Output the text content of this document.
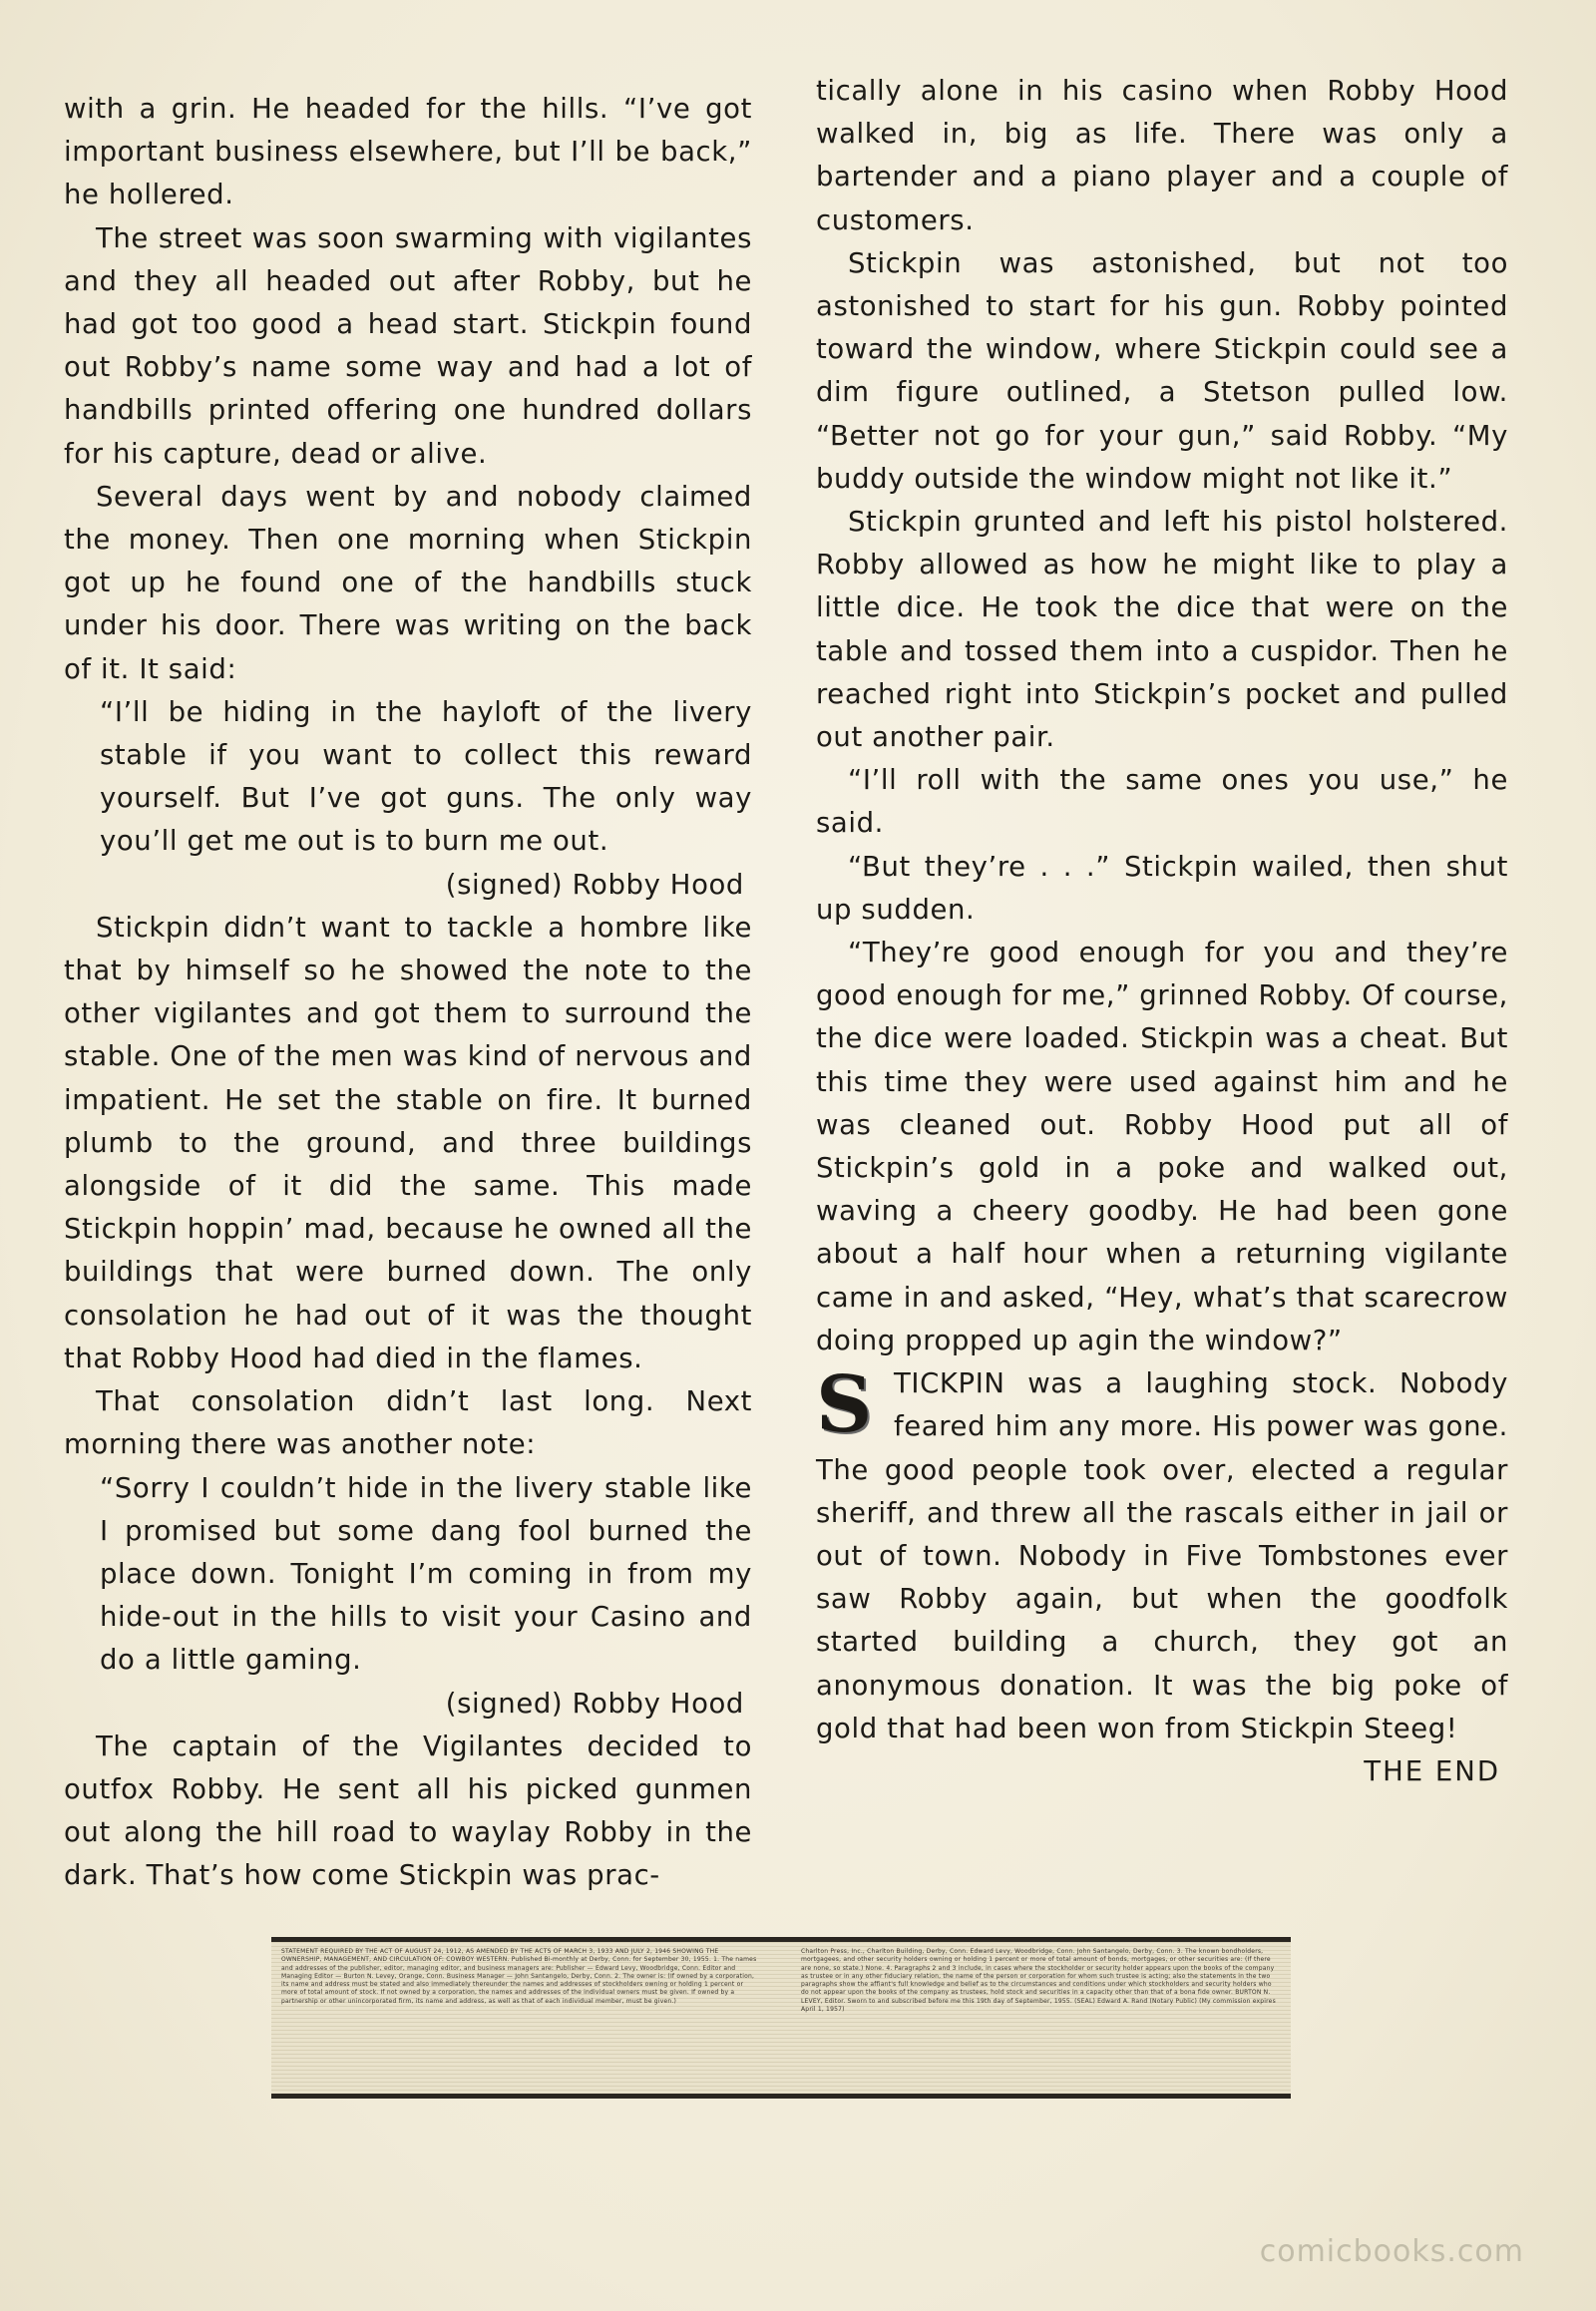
with a grin. He headed for the hills. “I’ve got important business elsewhere, but I’ll be back,” he hollered.

The street was soon swarming with vigilantes and they all headed out after Robby, but he had got too good a head start. Stickpin found out Robby’s name some way and had a lot of handbills printed offering one hundred dollars for his capture, dead or alive.

Several days went by and nobody claimed the money. Then one morning when Stickpin got up he found one of the handbills stuck under his door. There was writing on the back of it. It said:

“I’ll be hiding in the hayloft of the livery stable if you want to collect this reward yourself. But I’ve got guns. The only way you’ll get me out is to burn me out.

(signed) Robby Hood

Stickpin didn’t want to tackle a hombre like that by himself so he showed the note to the other vigilantes and got them to surround the stable. One of the men was kind of nervous and impatient. He set the stable on fire. It burned plumb to the ground, and three buildings alongside of it did the same. This made Stickpin hoppin’ mad, because he owned all the buildings that were burned down. The only consolation he had out of it was the thought that Robby Hood had died in the flames.

That consolation didn’t last long. Next morning there was another note:

“Sorry I couldn’t hide in the livery stable like I promised but some dang fool burned the place down. Tonight I’m coming in from my hide-out in the hills to visit your Casino and do a little gaming.

(signed) Robby Hood

The captain of the Vigilantes decided to outfox Robby. He sent all his picked gunmen out along the hill road to waylay Robby in the dark. That’s how come Stickpin was prac-

tically alone in his casino when Robby Hood walked in, big as life. There was only a bartender and a piano player and a couple of customers.

Stickpin was astonished, but not too astonished to start for his gun. Robby pointed toward the window, where Stickpin could see a dim figure outlined, a Stetson pulled low. “Better not go for your gun,” said Robby. “My buddy outside the window might not like it.”

Stickpin grunted and left his pistol holstered. Robby allowed as how he might like to play a little dice. He took the dice that were on the table and tossed them into a cuspidor. Then he reached right into Stickpin’s pocket and pulled out another pair.

“I’ll roll with the same ones you use,” he said.

“But they’re . . .” Stickpin wailed, then shut up sudden.

“They’re good enough for you and they’re good enough for me,” grinned Robby. Of course, the dice were loaded. Stickpin was a cheat. But this time they were used against him and he was cleaned out. Robby Hood put all of Stickpin’s gold in a poke and walked out, waving a cheery goodby. He had been gone about a half hour when a returning vigilante came in and asked, “Hey, what’s that scarecrow doing propped up agin the window?”

S TICKPIN was a laughing stock. Nobody feared him any more. His power was gone. The good people took over, elected a regular sheriff, and threw all the rascals either in jail or out of town. Nobody in Five Tombstones ever saw Robby again, but when the goodfolk started building a church, they got an anonymous donation. It was the big poke of gold that had been won from Stickpin Steeg!

THE END

STATEMENT REQUIRED BY THE ACT OF AUGUST 24, 1912, AS AMENDED BY THE ACTS OF MARCH 3, 1933 AND JULY 2, 1946 SHOWING THE OWNERSHIP, MANAGEMENT, AND CIRCULATION OF: COWBOY WESTERN. Published Bi-monthly at Derby, Conn. for September 30, 1955. 1. The names and addresses of the publisher, editor, managing editor, and business managers are: Publisher — Edward Levy, Woodbridge, Conn. Editor and Managing Editor — Burton N. Levey, Orange, Conn. Business Manager — John Santangelo, Derby, Conn. 2. The owner is: (If owned by a corporation, its name and address must be stated and also immediately thereunder the names and addresses of stockholders owning or holding 1 percent or more of total amount of stock. If not owned by a corporation, the names and addresses of the individual owners must be given. If owned by a partnership or other unincorporated firm, its name and address, as well as that of each individual member, must be given.)
Charlton Press, Inc., Charlton Building, Derby, Conn. Edward Levy, Woodbridge, Conn. John Santangelo, Derby, Conn. 3. The known bondholders, mortgagees, and other security holders owning or holding 1 percent or more of total amount of bonds, mortgages, or other securities are: (If there are none, so state.) None. 4. Paragraphs 2 and 3 include, in cases where the stockholder or security holder appears upon the books of the company as trustee or in any other fiduciary relation, the name of the person or corporation for whom such trustee is acting; also the statements in the two paragraphs show the affiant's full knowledge and belief as to the circumstances and conditions under which stockholders and security holders who do not appear upon the books of the company as trustees, hold stock and securities in a capacity other than that of a bona fide owner. BURTON N. LEVEY, Editor. Sworn to and subscribed before me this 19th day of September, 1955. (SEAL) Edward A. Rand (Notary Public) (My commission expires April 1, 1957)
comicbooks.com
